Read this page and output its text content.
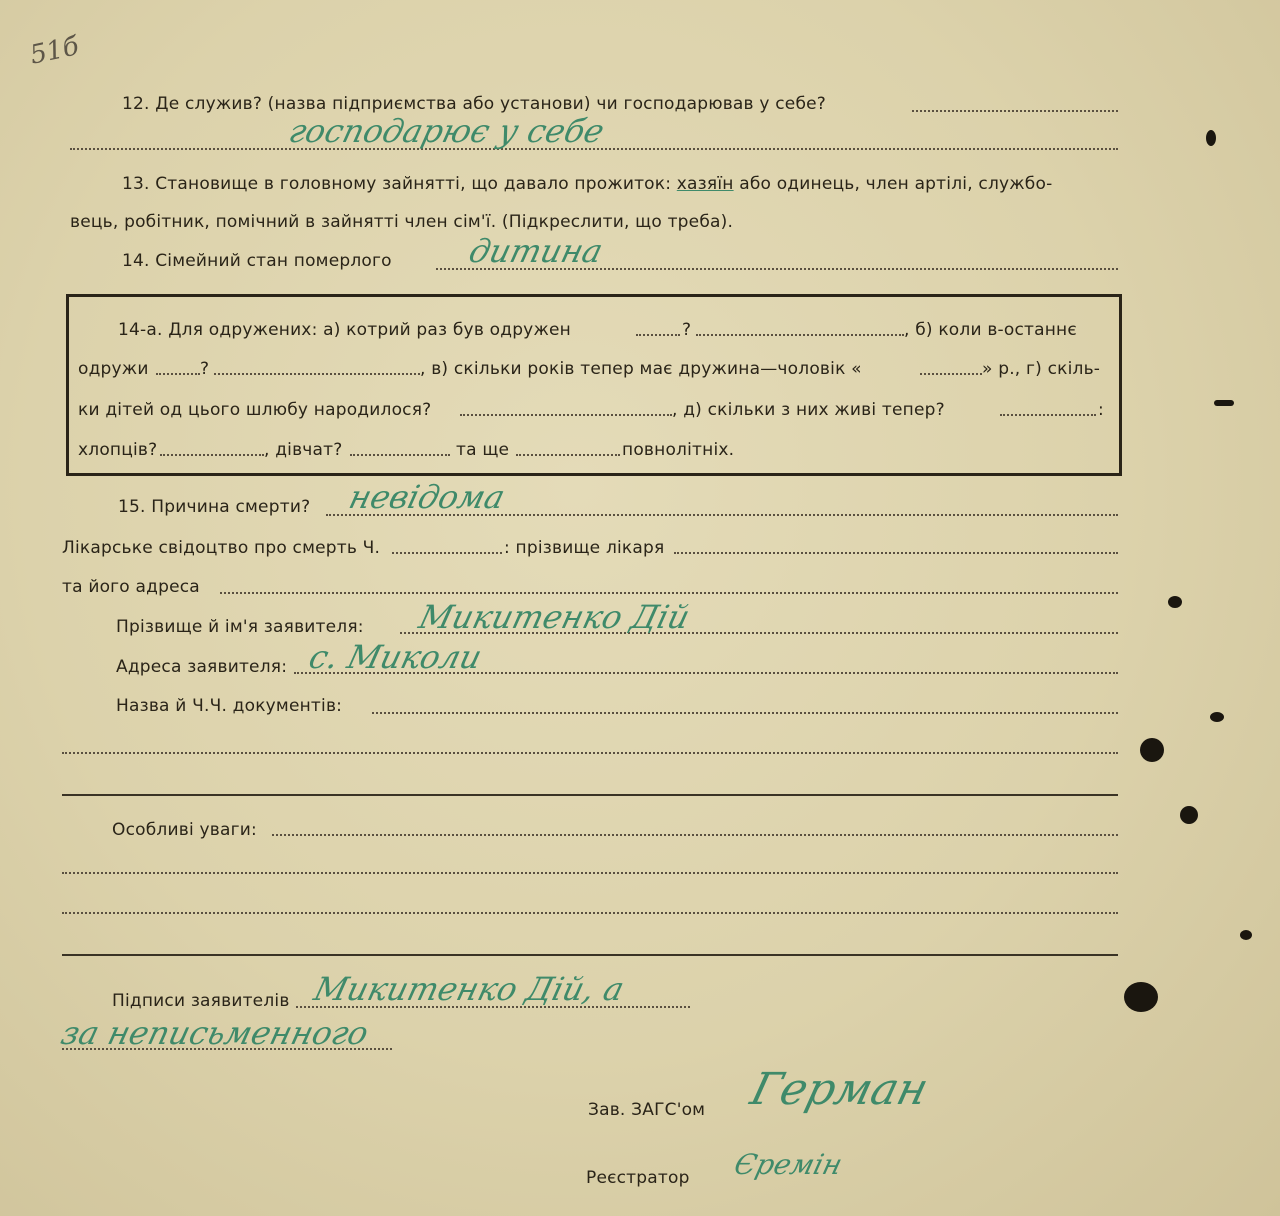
51б
12. Де служив? (назва підприємства або установи) чи господарював у себе?
господарює у себе
13. Становище в головному зайнятті, що давало прожиток: хазяїн або одинець, член артілі, службо-
вець, робітник, помічний в зайнятті член сім'ї. (Підкреслити, що треба).
14. Сімейний стан померлого дитина
14-а. Для одружених: а) котрий раз був одружен	?	, б) коли в-останнє
одружи	?	, в) скільки років тепер має дружина—чоловік «	» р., г) скіль-
ки дітей од цього шлюбу народилося?	, д) скільки з них живі тепер?	:
хлопців?	, дівчат?	та ще	повнолітніх.
15. Причина смерти? невідома
Лікарське свідоцтво про смерть Ч.	: прізвище лікаря
та його адреса
Прізвище й ім'я заявителя: Микитенко Дій
Адреса заявителя: с. Миколи
Назва й Ч.Ч. документів:
Особливі уваги:
Підписи заявителів Микитенко Дій, а
за неписьменного
Зав. ЗАГС'ом Герман
Реєстратор Єремін
